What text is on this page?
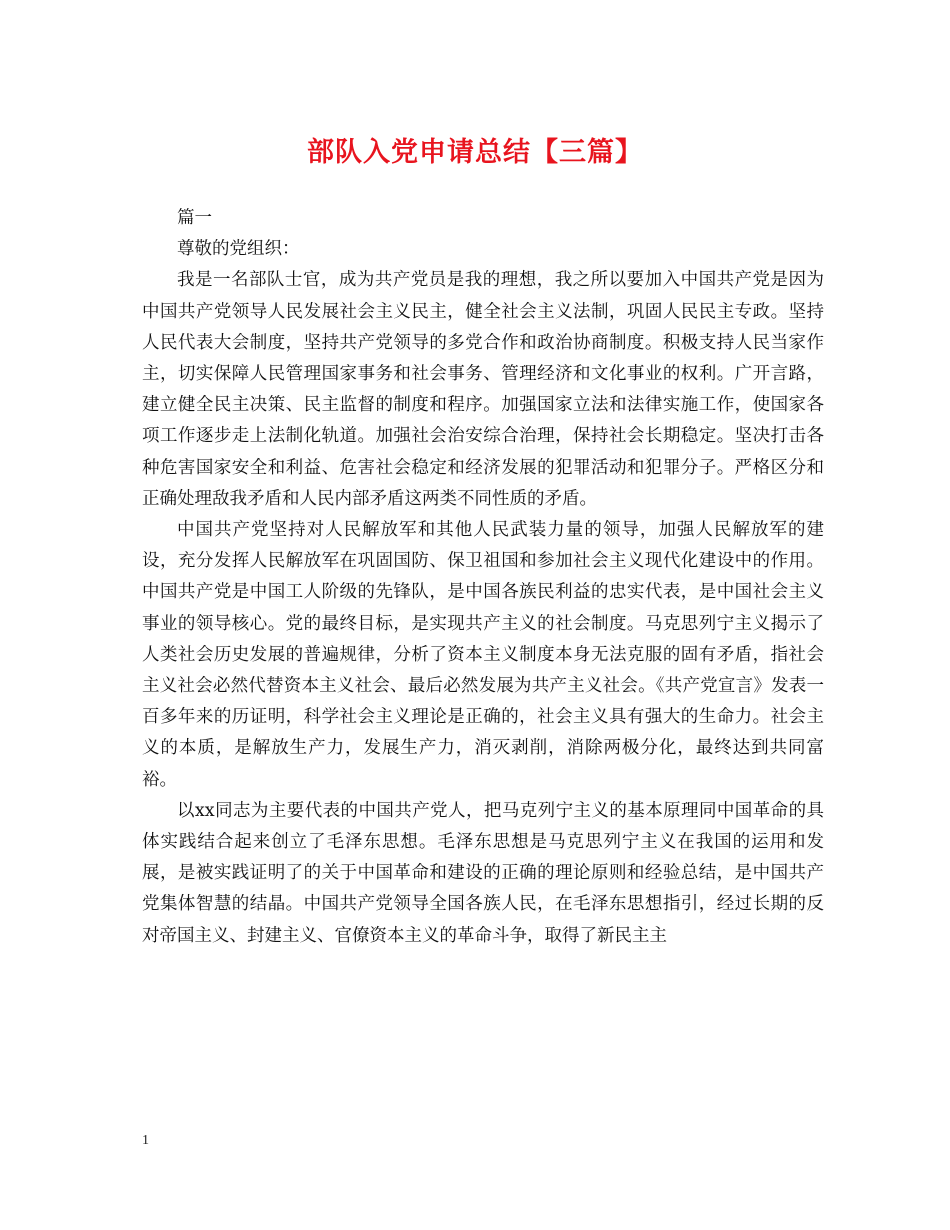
部队入党申请总结【三篇】

篇一

尊敬的党组织：

我是一名部队士官，成为共产党员是我的理想，我之所以要加入中国共产党是因为中国共产党领导人民发展社会主义民主，健全社会主义法制，巩固人民民主专政。坚持人民代表大会制度，坚持共产党领导的多党合作和政治协商制度。积极支持人民当家作主，切实保障人民管理国家事务和社会事务、管理经济和文化事业的权利。广开言路，建立健全民主决策、民主监督的制度和程序。加强国家立法和法律实施工作，使国家各项工作逐步走上法制化轨道。加强社会治安综合治理，保持社会长期稳定。坚决打击各种危害国家安全和利益、危害社会稳定和经济发展的犯罪活动和犯罪分子。严格区分和正确处理敌我矛盾和人民内部矛盾这两类不同性质的矛盾。

中国共产党坚持对人民解放军和其他人民武装力量的领导，加强人民解放军的建设，充分发挥人民解放军在巩固国防、保卫祖国和参加社会主义现代化建设中的作用。中国共产党是中国工人阶级的先锋队，是中国各族民利益的忠实代表，是中国社会主义事业的领导核心。党的最终目标，是实现共产主义的社会制度。马克思列宁主义揭示了人类社会历史发展的普遍规律，分析了资本主义制度本身无法克服的固有矛盾，指社会主义社会必然代替资本主义社会、最后必然发展为共产主义社会。《共产党宣言》发表一百多年来的历证明，科学社会主义理论是正确的，社会主义具有强大的生命力。社会主义的本质，是解放生产力，发展生产力，消灭剥削，消除两极分化，最终达到共同富裕。

以xx同志为主要代表的中国共产党人，把马克列宁主义的基本原理同中国革命的具体实践结合起来创立了毛泽东思想。毛泽东思想是马克思列宁主义在我国的运用和发展，是被实践证明了的关于中国革命和建设的正确的理论原则和经验总结，是中国共产党集体智慧的结晶。中国共产党领导全国各族人民，在毛泽东思想指引，经过长期的反对帝国主义、封建主义、官僚资本主义的革命斗争，取得了新民主主

1
